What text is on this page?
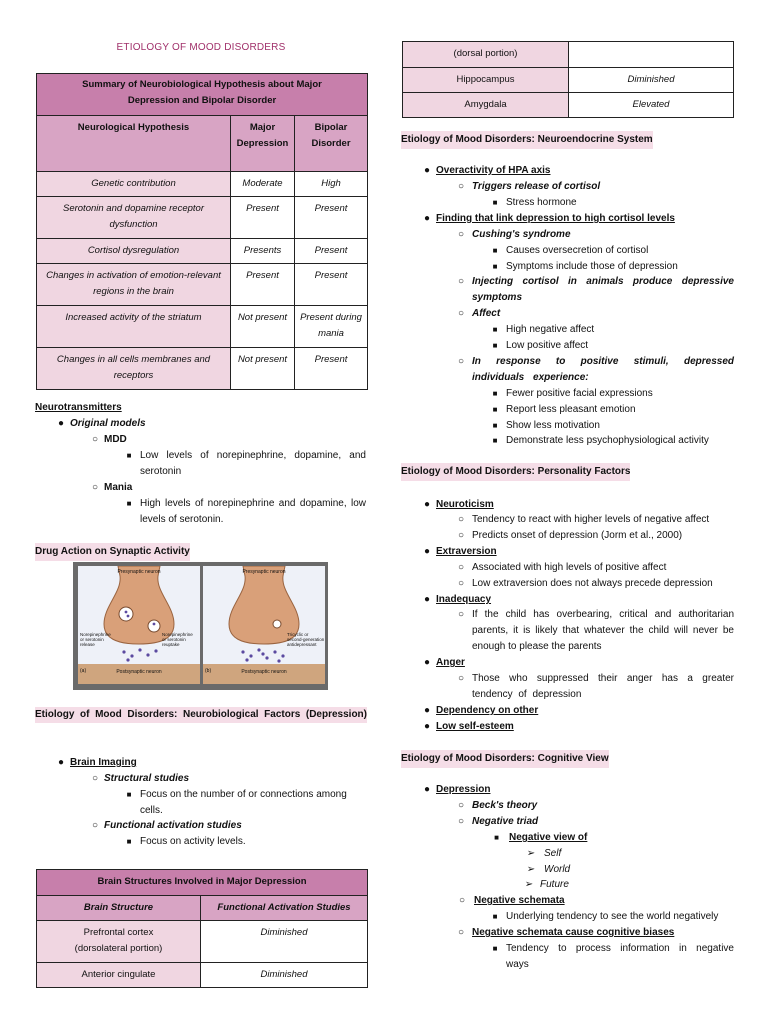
ETIOLOGY OF MOOD DISORDERS
Summary of Neurobiological Hypothesis about Major Depression and Bipolar Disorder		
Neurological Hypothesis	Major Depression	Bipolar Disorder
Genetic contribution	Moderate	High
Serotonin and dopamine receptor dysfunction	Present	Present
Cortisol dysregulation	Presents	Present
Changes in activation of emotion-relevant regions in the brain	Present	Present
Increased activity of the striatum	Not present	Present during mania
Changes in all cells membranes and receptors	Not present	Present
Neurotransmitters
● Original models
○ MDD
■ Low levels of norepinephrine, dopamine, and serotonin
○ Mania
■ High levels of norepinephrine and dopamine, low levels of serotonin.
Drug Action on Synaptic Activity
Presynaptic neuron
Norepinephrine or serotonin release
Norepinephrine or serotonin reuptake
(a)	Postsynaptic neuron
Presynaptic neuron
Tricyclic or second-generation antidepressant
(b)	Postsynaptic neuron
Etiology of Mood Disorders: Neurobiological Factors (Depression)
● Brain Imaging
○ Structural studies
■ Focus on the number of or connections among cells.
○ Functional activation studies
■ Focus on activity levels.
Brain Structures Involved in Major Depression	
Brain Structure	Functional Activation Studies
Prefrontal cortex (dorsolateral portion)	Diminished
Anterior cingulate	Diminished
(dorsal portion)	
Hippocampus	Diminished
Amygdala	Elevated
Etiology of Mood Disorders: Neuroendocrine System
● Overactivity of HPA axis
○ Triggers release of cortisol
■ Stress hormone
● Finding that link depression to high cortisol levels
○ Cushing's syndrome
■ Causes oversecretion of cortisol
■ Symptoms include those of depression
○ Injecting cortisol in animals produce depressive symptoms
○ Affect
■ High negative affect
■ Low positive affect
○ In response to positive stimuli, depressed individuals experience:
■ Fewer positive facial expressions
■ Report less pleasant emotion
■ Show less motivation
■ Demonstrate less psychophysiological activity
Etiology of Mood Disorders: Personality Factors
● Neuroticism
○ Tendency to react with higher levels of negative affect
○ Predicts onset of depression (Jorm et al., 2000)
● Extraversion
○ Associated with high levels of positive affect
○ Low extraversion does not always precede depression
● Inadequacy
○ If the child has overbearing, critical and authoritarian parents, it is likely that whatever the child will never be enough to please the parents
● Anger
○ Those who suppressed their anger has a greater tendency of depression
● Dependency on other
● Low self-esteem
Etiology of Mood Disorders: Cognitive View
● Depression
○ Beck's theory
○ Negative triad
■	Negative view of
➢ Self
➢ World
➢ Future
○ Negative schemata
■ Underlying tendency to see the world negatively
○ Negative schemata cause cognitive biases
■ Tendency to process information in negative ways
